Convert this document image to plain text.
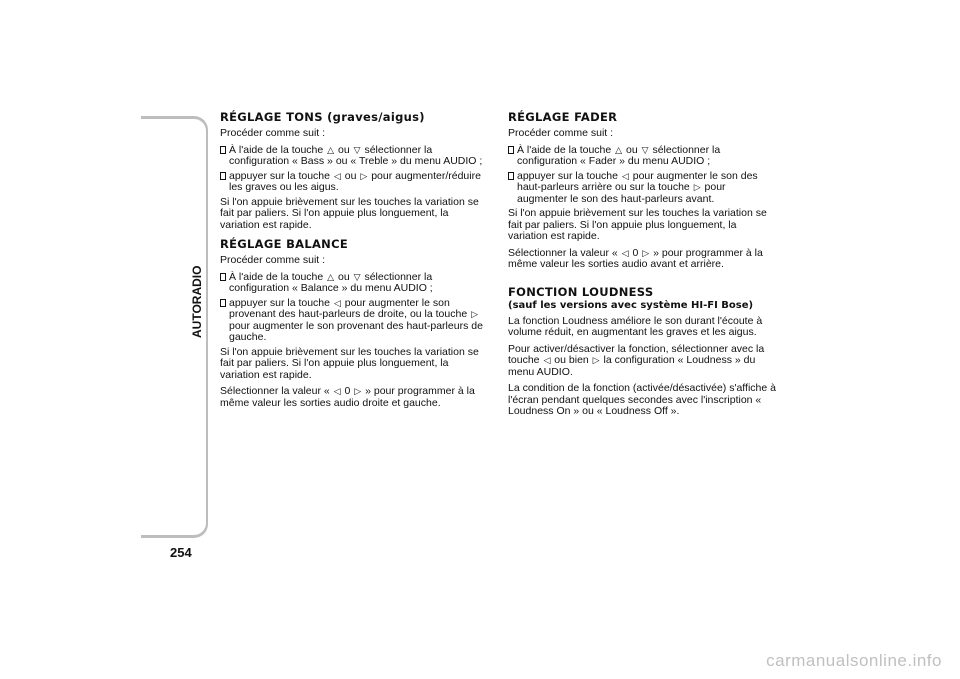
AUTORADIO
254
RÉGLAGE TONS (graves/aigus)

Procéder comme suit :

À l'aide de la touche △ ou ▽ sélectionner la configuration « Bass » ou « Treble » du menu AUDIO ;
appuyer sur la touche ◁ ou ▷ pour augmenter/réduire les graves ou les aigus.

Si l'on appuie brièvement sur les touches la variation se fait par paliers. Si l'on appuie plus longuement, la variation est rapide.

RÉGLAGE BALANCE

Procéder comme suit :

À l'aide de la touche △ ou ▽ sélectionner la configuration « Balance » du menu AUDIO ;
appuyer sur la touche ◁ pour augmenter le son provenant des haut-parleurs de droite, ou la touche ▷ pour augmenter le son provenant des haut-parleurs de gauche.

Si l'on appuie brièvement sur les touches la variation se fait par paliers. Si l'on appuie plus longuement, la variation est rapide.

Sélectionner la valeur « ◁ 0 ▷ » pour programmer à la même valeur les sorties audio droite et gauche.

RÉGLAGE FADER

Procéder comme suit :

À l'aide de la touche △ ou ▽ sélectionner la configuration « Fader » du menu AUDIO ;
appuyer sur la touche ◁ pour augmenter le son des haut-parleurs arrière ou sur la touche ▷ pour augmenter le son des haut-parleurs avant.

Si l'on appuie brièvement sur les touches la variation se fait par paliers. Si l'on appuie plus longuement, la variation est rapide.

Sélectionner la valeur « ◁ 0 ▷ » pour programmer à la même valeur les sorties audio avant et arrière.

FONCTION LOUDNESS
(sauf les versions avec système HI-FI Bose)

La fonction Loudness améliore le son durant l'écoute à volume réduit, en augmentant les graves et les aigus.

Pour activer/désactiver la fonction, sélectionner avec la touche ◁ ou bien ▷ la configuration « Loudness » du menu AUDIO.

La condition de la fonction (activée/désactivée) s'affiche à l'écran pendant quelques secondes avec l'inscription « Loudness On » ou « Loudness Off ».

carmanualsonline.info
